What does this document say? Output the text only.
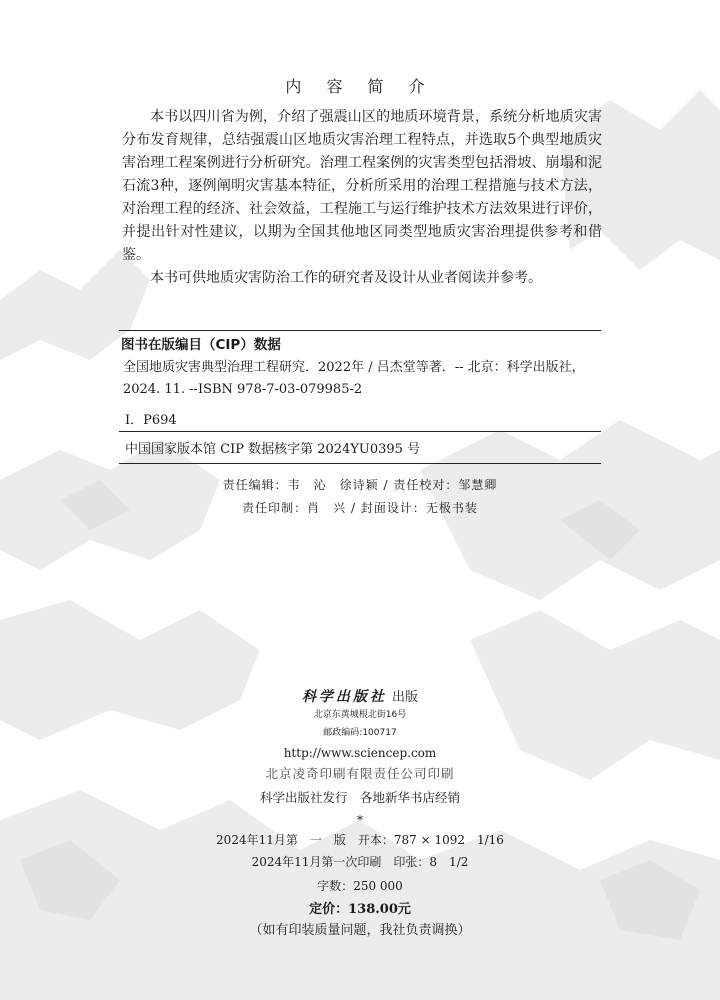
内 容 简 介

本书以四川省为例，介绍了强震山区的地质环境背景，系统分析地质灾害分布发育规律，总结强震山区地质灾害治理工程特点，并选取5个典型地质灾害治理工程案例进行分析研究。治理工程案例的灾害类型包括滑坡、崩塌和泥石流3种，逐例阐明灾害基本特征，分析所采用的治理工程措施与技术方法，对治理工程的经济、社会效益，工程施工与运行维护技术方法效果进行评价，并提出针对性建议，以期为全国其他地区同类型地质灾害治理提供参考和借鉴。

本书可供地质灾害防治工作的研究者及设计从业者阅读并参考。

图书在版编目（CIP）数据
全国地质灾害典型治理工程研究．2022年 / 吕杰堂等著．-- 北京：科学出版社，2024. 11. --ISBN 978-7-03-079985-2
Ⅰ．P694
中国国家版本馆 CIP 数据核字第 2024YU0395 号
责任编辑：韦　沁　徐诗颖 / 责任校对：邹慧卿
责任印制：肖　兴 / 封面设计：无极书装
科学出版社 出版
北京东黄城根北街16号
邮政编码:100717
http://www.sciencep.com
北京凌奇印刷有限责任公司印刷
科学出版社发行　各地新华书店经销
*
2024年11月第　一　版　开本：787 × 1092　1/16
2024年11月第一次印刷　印张：8　1/2
字数：250 000
定价：138.00元
（如有印装质量问题，我社负责调换）
